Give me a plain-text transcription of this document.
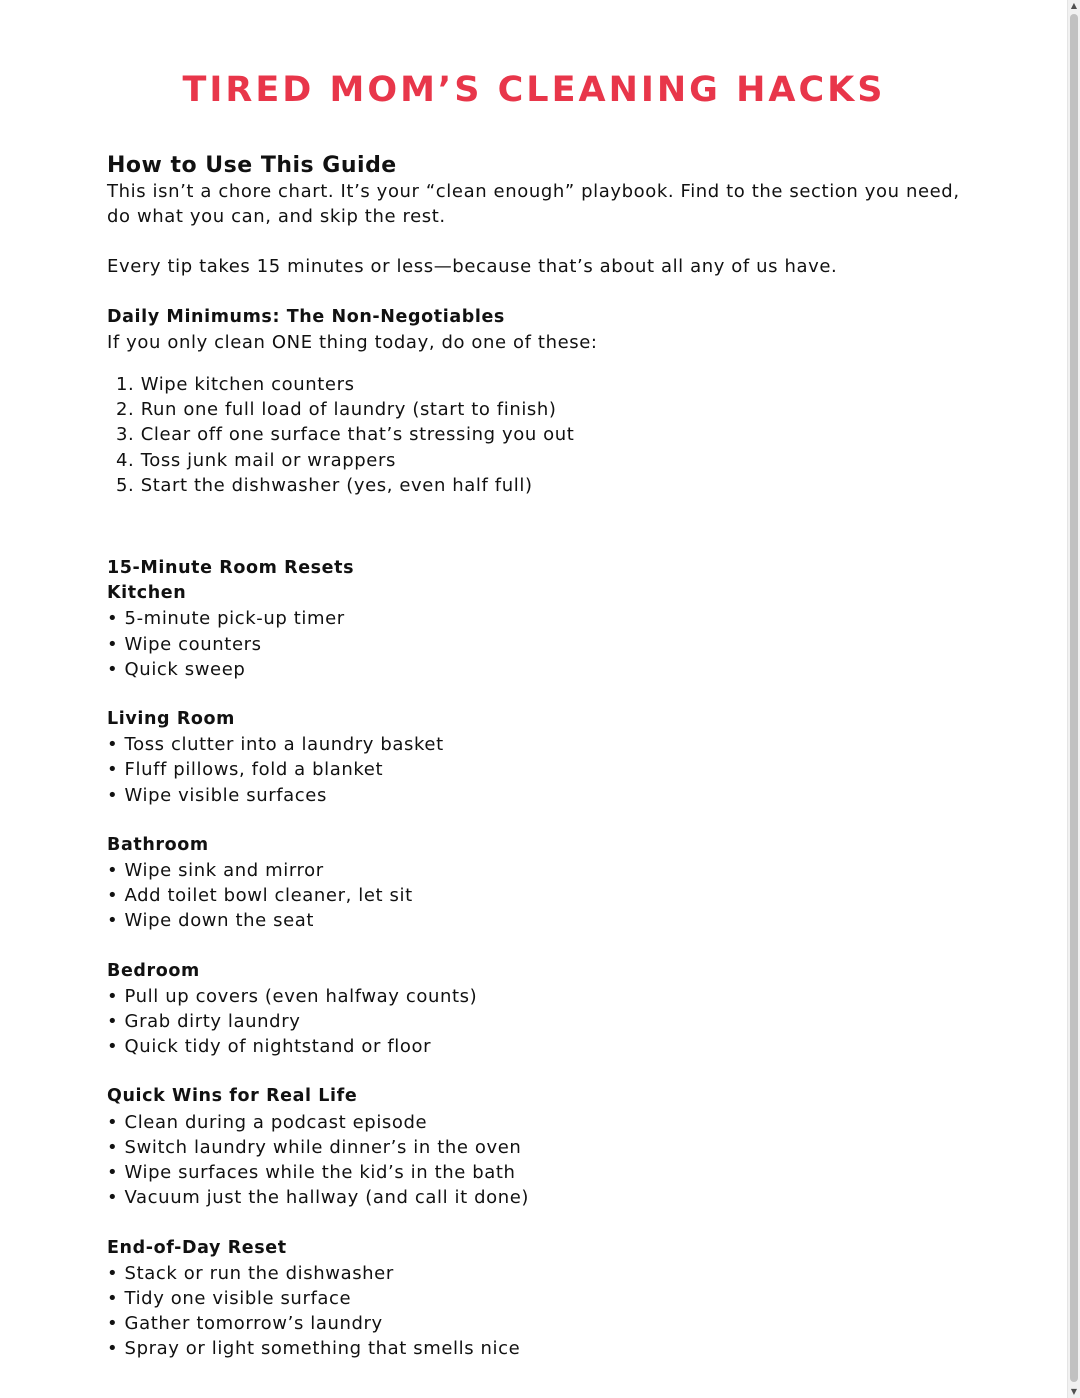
TIRED MOM’S CLEANING HACKS
How to Use This Guide

This isn’t a chore chart. It’s your “clean enough” playbook. Find to the section you need, do what you can, and skip the rest.

Every tip takes 15 minutes or less—because that’s about all any of us have.

Daily Minimums: The Non-Negotiables

If you only clean ONE thing today, do one of these:

1. Wipe kitchen counters
2. Run one full load of laundry (start to finish)
3. Clear off one surface that’s stressing you out
4. Toss junk mail or wrappers
5. Start the dishwasher (yes, even half full)
15-Minute Room Resets
Kitchen
• 5-minute pick-up timer
• Wipe counters
• Quick sweep
Living Room
• Toss clutter into a laundry basket
• Fluff pillows, fold a blanket
• Wipe visible surfaces
Bathroom
• Wipe sink and mirror
• Add toilet bowl cleaner, let sit
• Wipe down the seat
Bedroom
• Pull up covers (even halfway counts)
• Grab dirty laundry
• Quick tidy of nightstand or floor
Quick Wins for Real Life
• Clean during a podcast episode
• Switch laundry while dinner’s in the oven
• Wipe surfaces while the kid’s in the bath
• Vacuum just the hallway (and call it done)
End-of-Day Reset
• Stack or run the dishwasher
• Tidy one visible surface
• Gather tomorrow’s laundry
• Spray or light something that smells nice
▲
▼
